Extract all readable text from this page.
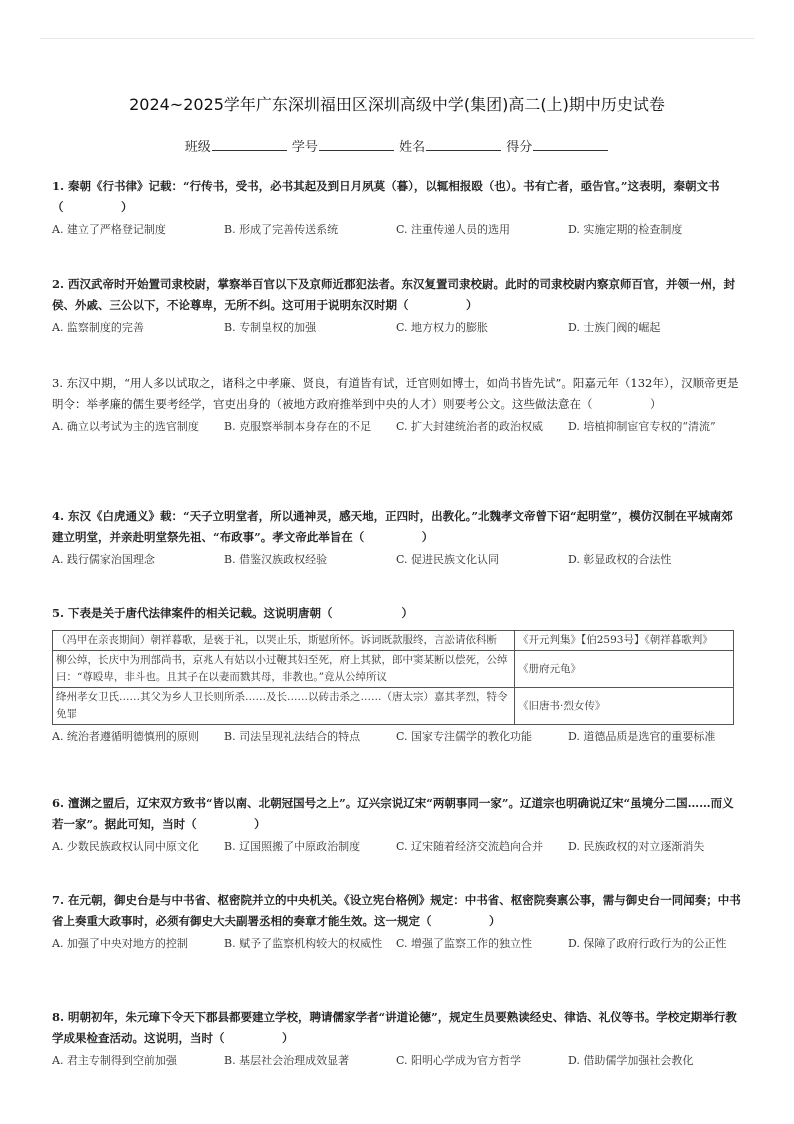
2024~2025学年广东深圳福田区深圳高级中学(集团)高二(上)期中历史试卷
班级	学号	姓名	得分
1. 秦朝《行书律》记载：“行传书，受书，必书其起及到日月夙莫（暮），以辄相报殴（也）。书有亡者，亟告官。”这表明，秦朝文书（　　　　　）
A. 建立了严格登记制度	B. 形成了完善传送系统	C. 注重传递人员的选用	D. 实施定期的检查制度
2. 西汉武帝时开始置司隶校尉，掌察举百官以下及京师近郡犯法者。东汉复置司隶校尉。此时的司隶校尉内察京师百官，并领一州，封侯、外戚、三公以下，不论尊卑，无所不纠。这可用于说明东汉时期（　　　　　）
A. 监察制度的完善	B. 专制皇权的加强	C. 地方权力的膨胀	D. 士族门阀的崛起
3. 东汉中期，“用人多以试取之，诸科之中孝廉、贤良，有道皆有试，迁官则如博士，如尚书皆先试”。阳嘉元年（132年），汉顺帝更是明令：举孝廉的儒生要考经学，官吏出身的（被地方政府推举到中央的人才）则要考公文。这些做法意在（　　　　　）
A. 确立以考试为主的选官制度	B. 克服察举制本身存在的不足	C. 扩大封建统治者的政治权威	D. 培植抑制宦官专权的“清流”
4. 东汉《白虎通义》载：“天子立明堂者，所以通神灵，感天地，正四时，出教化。”北魏孝文帝曾下诏“起明堂”，模仿汉制在平城南郊建立明堂，并亲赴明堂祭先祖、“布政事”。孝文帝此举旨在（　　　　　）
A. 践行儒家治国理念	B. 借鉴汉族政权经验	C. 促进民族文化认同	D. 彰显政权的合法性
5. 下表是关于唐代法律案件的相关记载。这说明唐朝（　　　　　　）
（冯甲在亲丧期间）朝祥暮歌，是亵于礼，以哭止乐，斯慰所怀。诉词既款服终，言訟请依科断	《开元判集》【伯2593号】《朝祥暮歌判》
柳公绰，长庆中为刑部尚书，京兆人有姑以小过鞭其妇至死，府上其狱，郎中窦某断以偿死，公绰曰：“尊殴卑，非斗也。且其子在以妻而戮其母，非教也。”竟从公绰所议	《册府元龟》
绛州孝女卫氏……其父为乡人卫长则所杀……及长……以砖击杀之……（唐太宗）嘉其孝烈，特令免罪	《旧唐书·烈女传》
A. 统治者遵循明德慎刑的原则	B. 司法呈现礼法结合的特点	C. 国家专注儒学的教化功能	D. 道德品质是选官的重要标准
6. 澶渊之盟后，辽宋双方致书“皆以南、北朝冠国号之上”。辽兴宗说辽宋“两朝事同一家”。辽道宗也明确说辽宋“虽境分二国……而义若一家”。据此可知，当时（　　　　　）
A. 少数民族政权认同中原文化	B. 辽国照搬了中原政治制度	C. 辽宋随着经济交流趋向合并	D. 民族政权的对立逐渐消失
7. 在元朝，御史台是与中书省、枢密院并立的中央机关。《设立宪台格例》规定：中书省、枢密院奏禀公事，需与御史台一同闻奏；中书省上奏重大政事时，必须有御史大夫副署丞相的奏章才能生效。这一规定（　　　　　）
A. 加强了中央对地方的控制	B. 赋予了监察机构较大的权威性	C. 增强了监察工作的独立性	D. 保障了政府行政行为的公正性
8. 明朝初年，朱元璋下令天下郡县都要建立学校，聘请儒家学者“讲道论德”，规定生员要熟读经史、律诰、礼仪等书。学校定期举行教学成果检查活动。这说明，当时（　　　　　）
A. 君主专制得到空前加强	B. 基层社会治理成效显著	C. 阳明心学成为官方哲学	D. 借助儒学加强社会教化
